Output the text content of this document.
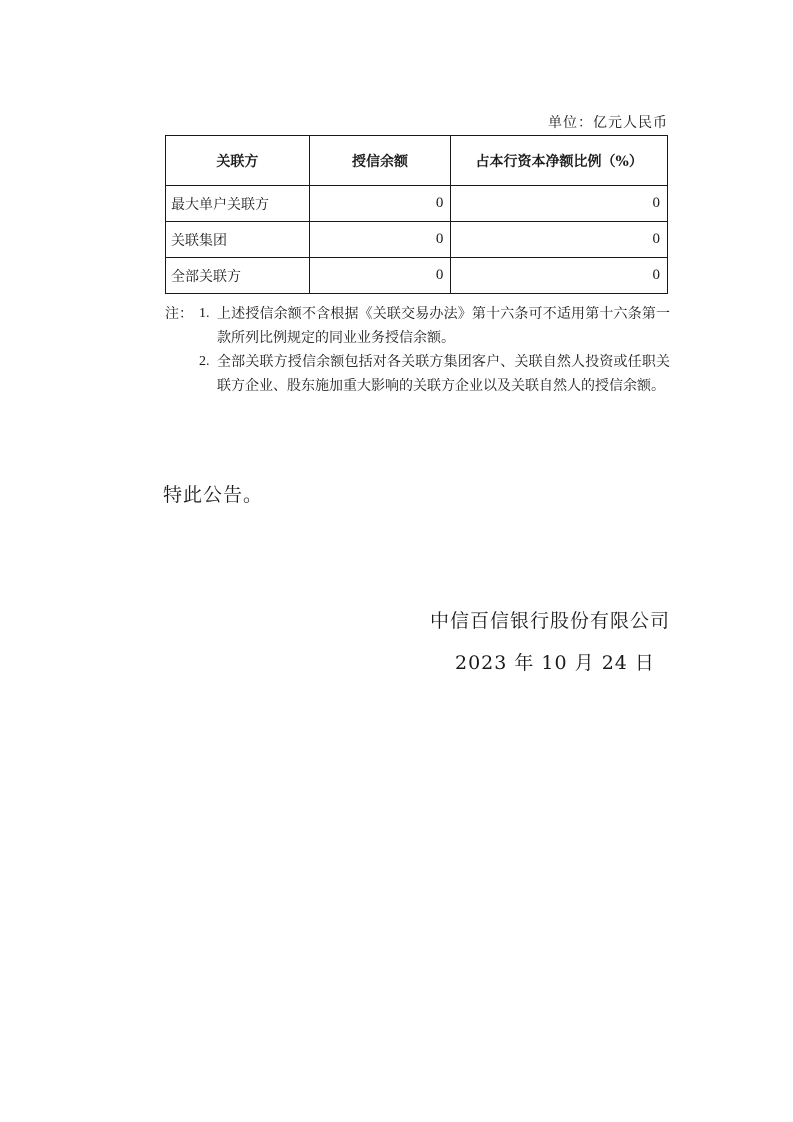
单位：亿元人民币
关联方	授信余额	占本行资本净额比例（%）
最大单户关联方	0	0
关联集团	0	0
全部关联方	0	0
注： 1. 上述授信余额不含根据《关联交易办法》第十六条可不适用第十六条第一款所列比例规定的同业业务授信余额。
2. 全部关联方授信余额包括对各关联方集团客户、关联自然人投资或任职关联方企业、股东施加重大影响的关联方企业以及关联自然人的授信余额。
特此公告。
中信百信银行股份有限公司
2023 年 10 月 24 日
